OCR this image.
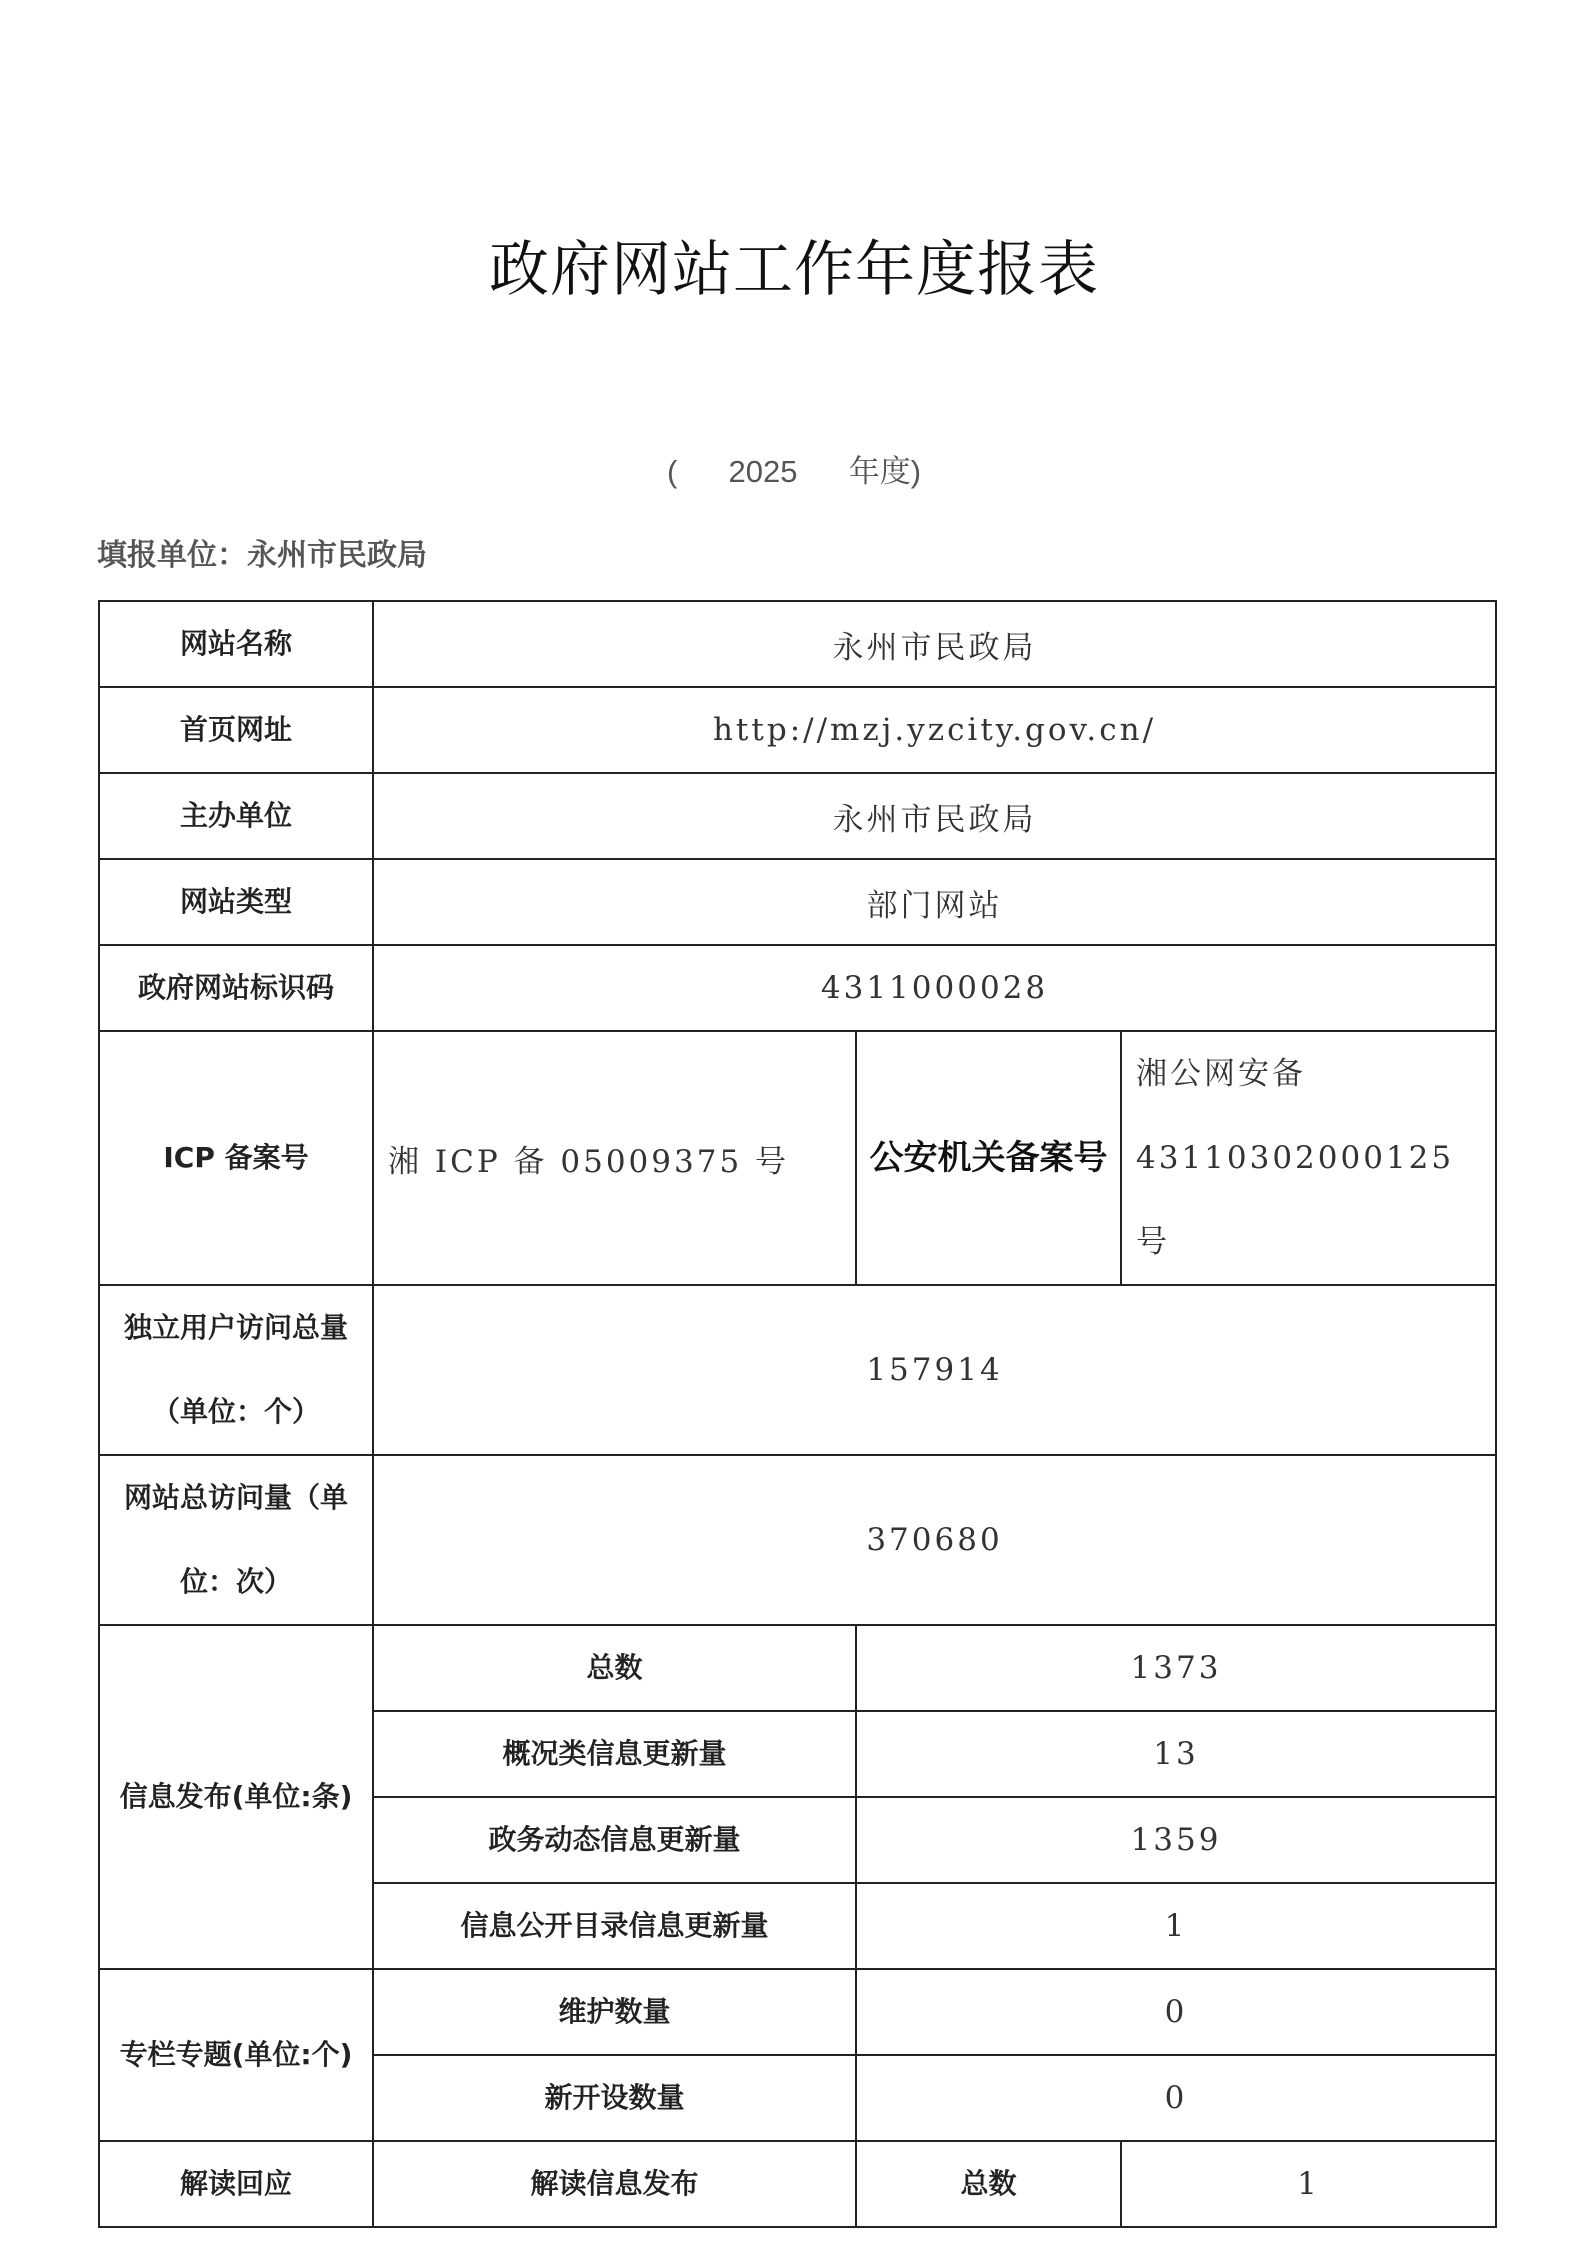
政府网站工作年度报表
( 2025 年度)
填报单位：永州市民政局
网站名称	永州市民政局		
首页网址	http://mzj.yzcity.gov.cn/		
主办单位	永州市民政局		
网站类型	部门网站		
政府网站标识码	4311000028		
ICP 备案号	湘 ICP 备 05009375 号	公安机关备案号	湘公网安备 43110302000125 号
独立用户访问总量（单位：个）	157914		
网站总访问量（单位：次）	370680		
信息发布(单位:条)	总数	1373	
	概况类信息更新量	13	
	政务动态信息更新量	1359	
	信息公开目录信息更新量	1	
专栏专题(单位:个)	维护数量	0	
	新开设数量	0	
解读回应	解读信息发布	总数	1
